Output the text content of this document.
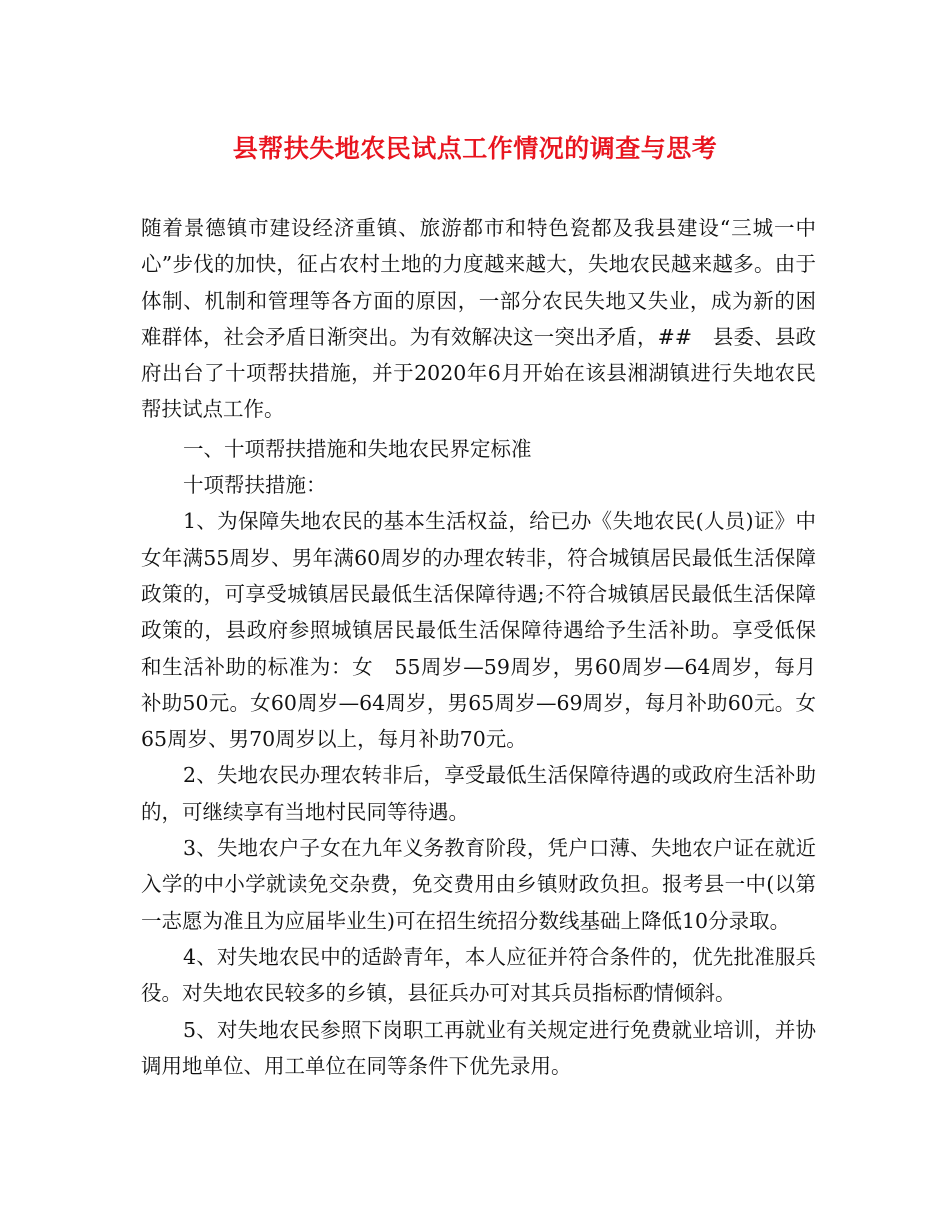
县帮扶失地农民试点工作情况的调查与思考

随着景德镇市建设经济重镇、旅游都市和特色瓷都及我县建设“三城一中心”步伐的加快，征占农村土地的力度越来越大，失地农民越来越多。由于体制、机制和管理等各方面的原因，一部分农民失地又失业，成为新的困难群体，社会矛盾日渐突出。为有效解决这一突出矛盾，##　县委、县政府出台了十项帮扶措施，并于2020年6月开始在该县湘湖镇进行失地农民帮扶试点工作。

一、十项帮扶措施和失地农民界定标准

十项帮扶措施：

1、为保障失地农民的基本生活权益，给已办《失地农民(人员)证》中女年满55周岁、男年满60周岁的办理农转非，符合城镇居民最低生活保障政策的，可享受城镇居民最低生活保障待遇;不符合城镇居民最低生活保障政策的，县政府参照城镇居民最低生活保障待遇给予生活补助。享受低保和生活补助的标准为：女　55周岁—59周岁，男60周岁—64周岁，每月补助50元。女60周岁—64周岁，男65周岁—69周岁，每月补助60元。女65周岁、男70周岁以上，每月补助70元。

2、失地农民办理农转非后，享受最低生活保障待遇的或政府生活补助的，可继续享有当地村民同等待遇。

3、失地农户子女在九年义务教育阶段，凭户口薄、失地农户证在就近入学的中小学就读免交杂费，免交费用由乡镇财政负担。报考县一中(以第一志愿为准且为应届毕业生)可在招生统招分数线基础上降低10分录取。

4、对失地农民中的适龄青年，本人应征并符合条件的，优先批准服兵役。对失地农民较多的乡镇，县征兵办可对其兵员指标酌情倾斜。

5、对失地农民参照下岗职工再就业有关规定进行免费就业培训，并协调用地单位、用工单位在同等条件下优先录用。
